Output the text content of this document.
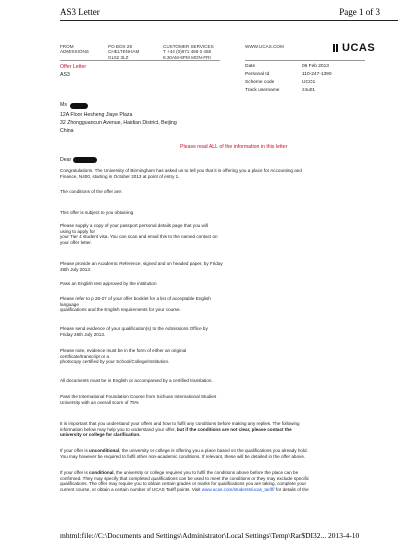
AS3 Letter	Page 1 of 3
FROM
ADMISSIONS
PO BOX 28
CHELTENHAM
GL52 3LZ
CUSTOMER SERVICES
T +44 (0)871 468 0 468
8.30AM-6PM MON-FRI
WWW.UCAS.COM	UCAS
Offer Letter
AS3
Date	06 Feb 2013
Personal Id	110-247-1390
Scheme code	UCO1
Track username	z4u01
Ms
12A Floor Hesheng Jiaye Plaza
32 Zhongguancun Avenue, Haidian District, Beijing
China
Please read ALL of the information in this letter
Dear
Congratulations. The University of Birmingham has asked us to tell you that it is offering you a place for Accounting and
Finance, N400, starting in October 2013 at point of entry 1.
The conditions of the offer are:
This offer is subject to you obtaining
Please supply a copy of your passport personal details page that you will
using to apply for
your Tier 4 student visa. You can scan and email this to the named contact on
your offer letter.
Please provide an Academic Reference, signed and on headed paper, by Friday
28th July 2013.
Pass an English test approved by the institution
Please refer to p 26-27 of your offer booklet for a list of acceptable English
language
qualifications and the English requirements for your course.
Please send evidence of your qualification(s) to the Admissions Office by
Friday 26th July 2013.
Please note, evidence must be in the form of either an original
certificate/transcript or a
photocopy certified by your School/College/Institution.
All documents must be in English or accompanied by a certified translation.
Pass the International Foundation Course from Sichuan International Studies
University with an overall score of 75%
It is important that you understand your offers and how to fulfil any conditions before making any replies. The following
information below may help you to understand your offer, but if the conditions are not clear, please contact the
university or college for clarification.
If your offer is unconditional, the university or college is offering you a place based on the qualifications you already hold.
You may however be required to fulfil other non-academic conditions. If relevant, these will be detailed in the offer above.
If your offer is conditional, the university or college requires you to fulfil the conditions above before the place can be
confirmed. They may specify that completed qualifications can be used to meet the conditions or they may exclude specific
qualifications. The offer may require you to obtain certain grades or marks for qualifications you are taking, complete your
current course, or obtain a certain number of UCAS Tariff points. Visit www.ucas.com/students/ucas_tariff/ for details of the
mhtml:file://C:\Documents and Settings\Administrator\Local Settings\Temp\Rar$DI32... 2013-4-10
